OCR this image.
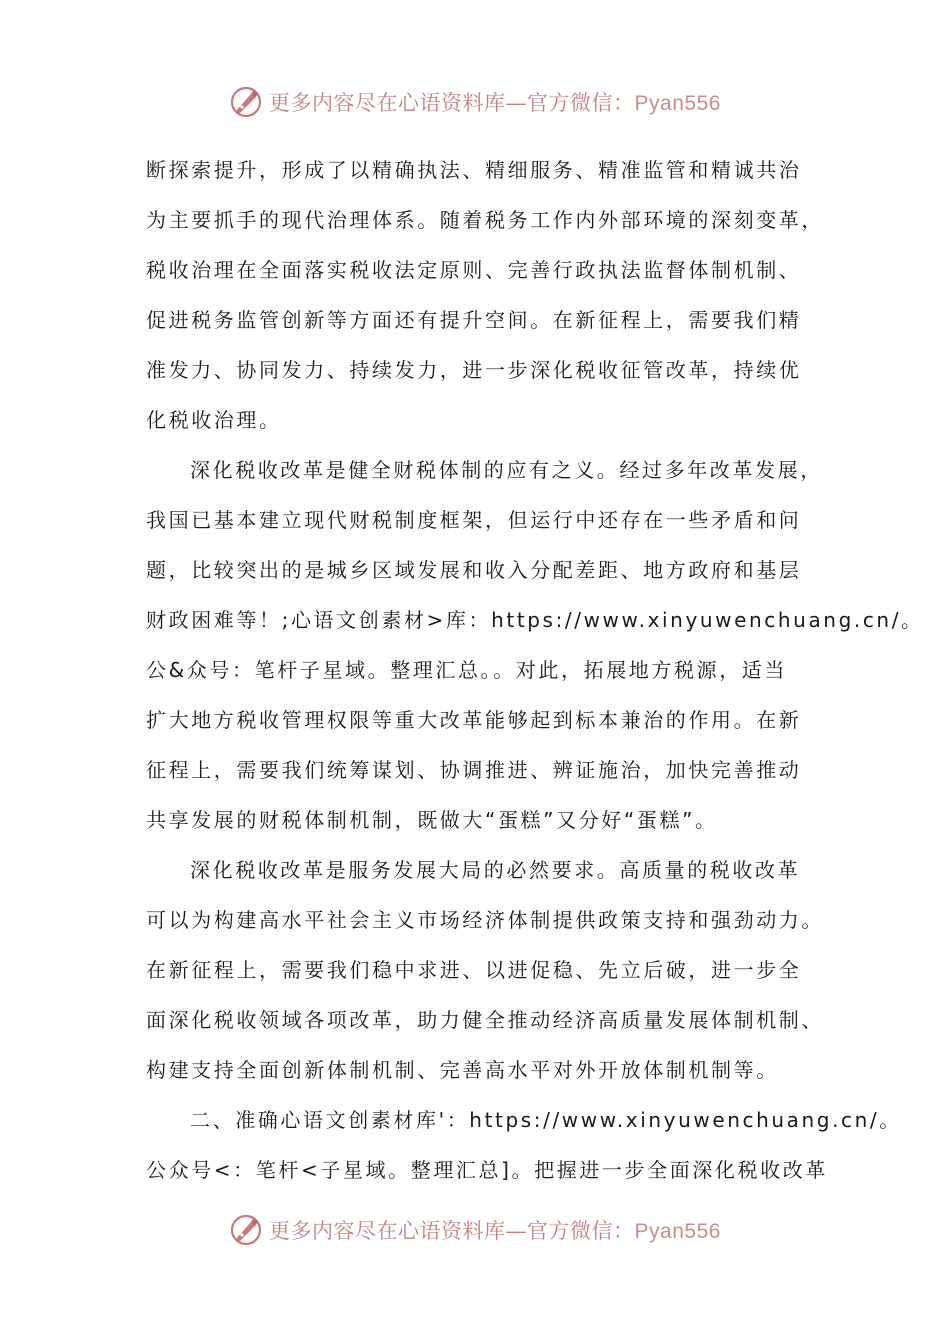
更多内容尽在心语资料库—官方微信：Pyan556
断探索提升，形成了以精确执法、精细服务、精准监管和精诚共治
为主要抓手的现代治理体系。随着税务工作内外部环境的深刻变革，
税收治理在全面落实税收法定原则、完善行政执法监督体制机制、
促进税务监管创新等方面还有提升空间。在新征程上，需要我们精
准发力、协同发力、持续发力，进一步深化税收征管改革，持续优
化税收治理。
深化税收改革是健全财税体制的应有之义。经过多年改革发展，
我国已基本建立现代财税制度框架，但运行中还存在一些矛盾和问
题，比较突出的是城乡区域发展和收入分配差距、地方政府和基层
财政困难等！;心语文创素材>库：https://www.xinyuwenchuang.cn/。
公&众号：笔杆子星域。整理汇总。。对此，拓展地方税源，适当
扩大地方税收管理权限等重大改革能够起到标本兼治的作用。在新
征程上，需要我们统筹谋划、协调推进、辨证施治，加快完善推动
共享发展的财税体制机制，既做大“蛋糕”又分好“蛋糕”。
深化税收改革是服务发展大局的必然要求。高质量的税收改革
可以为构建高水平社会主义市场经济体制提供政策支持和强劲动力。
在新征程上，需要我们稳中求进、以进促稳、先立后破，进一步全
面深化税收领域各项改革，助力健全推动经济高质量发展体制机制、
构建支持全面创新体制机制、完善高水平对外开放体制机制等。
二、准确心语文创素材库'：https://www.xinyuwenchuang.cn/。
公众号<：笔杆<子星域。整理汇总]。把握进一步全面深化税收改革
更多内容尽在心语资料库—官方微信：Pyan556
